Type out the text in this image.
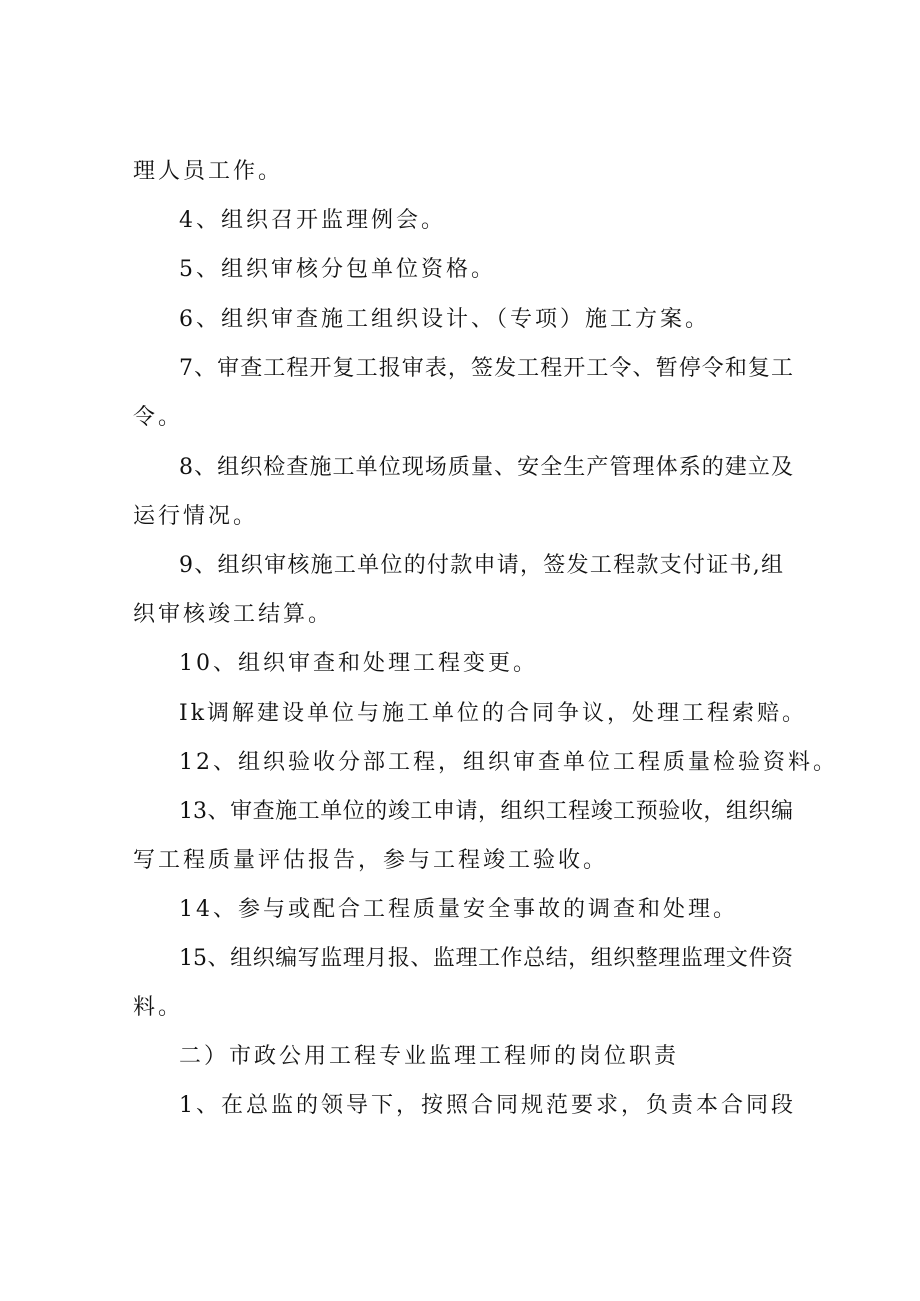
理人员工作。
4、组织召开监理例会。
5、组织审核分包单位资格。
6、组织审查施工组织设计、（专项）施工方案。
7、审查工程开复工报审表，签发工程开工令、暂停令和复工
令。
8、组织检查施工单位现场质量、安全生产管理体系的建立及
运行情况。
9、组织审核施工单位的付款申请，签发工程款支付证书,组
织审核竣工结算。
10、组织审查和处理工程变更。
Ik调解建设单位与施工单位的合同争议，处理工程索赔。
12、组织验收分部工程，组织审查单位工程质量检验资料。
13、审查施工单位的竣工申请，组织工程竣工预验收，组织编
写工程质量评估报告，参与工程竣工验收。
14、参与或配合工程质量安全事故的调查和处理。
15、组织编写监理月报、监理工作总结，组织整理监理文件资
料。
二）市政公用工程专业监理工程师的岗位职责
1、在总监的领导下，按照合同规范要求，负责本合同段
